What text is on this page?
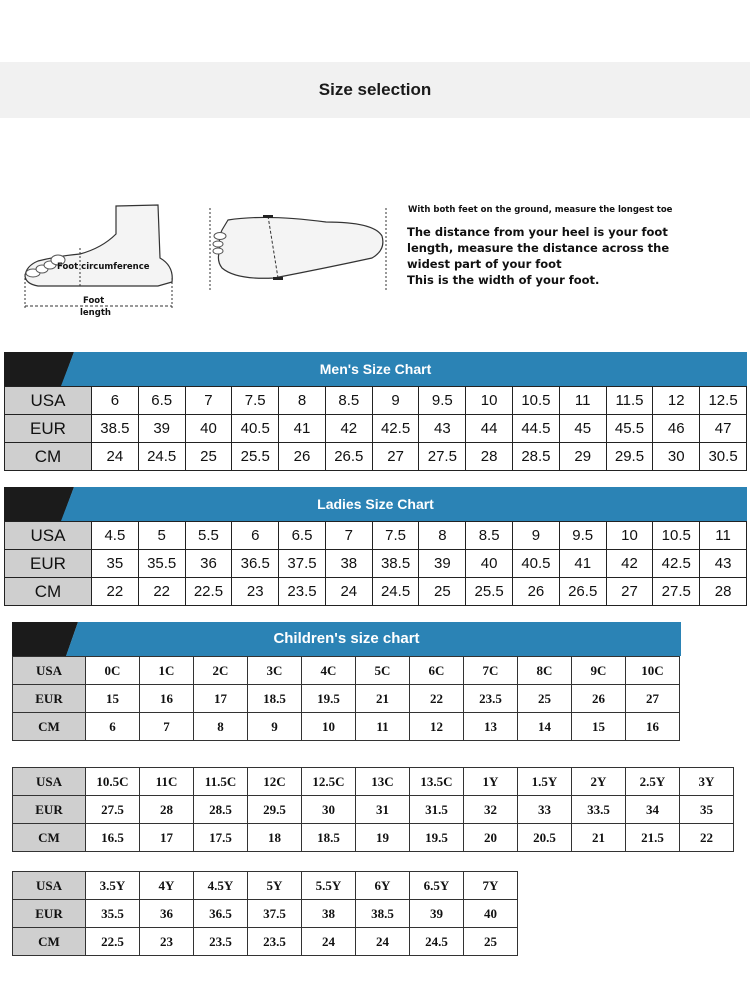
Size selection
Foot circumference
Foot
length
With both feet on the ground, measure the longest toe
The distance from your heel is your foot length, measure the distance across the widest part of your foot
This is the width of your foot.
Men's Size Chart
USA	6	6.5	7	7.5	8	8.5	9	9.5	10	10.5	11	11.5	12	12.5
EUR	38.5	39	40	40.5	41	42	42.5	43	44	44.5	45	45.5	46	47
CM	24	24.5	25	25.5	26	26.5	27	27.5	28	28.5	29	29.5	30	30.5
Ladies Size Chart
USA	4.5	5	5.5	6	6.5	7	7.5	8	8.5	9	9.5	10	10.5	11
EUR	35	35.5	36	36.5	37.5	38	38.5	39	40	40.5	41	42	42.5	43
CM	22	22	22.5	23	23.5	24	24.5	25	25.5	26	26.5	27	27.5	28
Children's size chart
USA	0C	1C	2C	3C	4C	5C	6C	7C	8C	9C	10C
EUR	15	16	17	18.5	19.5	21	22	23.5	25	26	27
CM	6	7	8	9	10	11	12	13	14	15	16
USA	10.5C	11C	11.5C	12C	12.5C	13C	13.5C	1Y	1.5Y	2Y	2.5Y	3Y
EUR	27.5	28	28.5	29.5	30	31	31.5	32	33	33.5	34	35
CM	16.5	17	17.5	18	18.5	19	19.5	20	20.5	21	21.5	22
USA	3.5Y	4Y	4.5Y	5Y	5.5Y	6Y	6.5Y	7Y
EUR	35.5	36	36.5	37.5	38	38.5	39	40
CM	22.5	23	23.5	23.5	24	24	24.5	25
